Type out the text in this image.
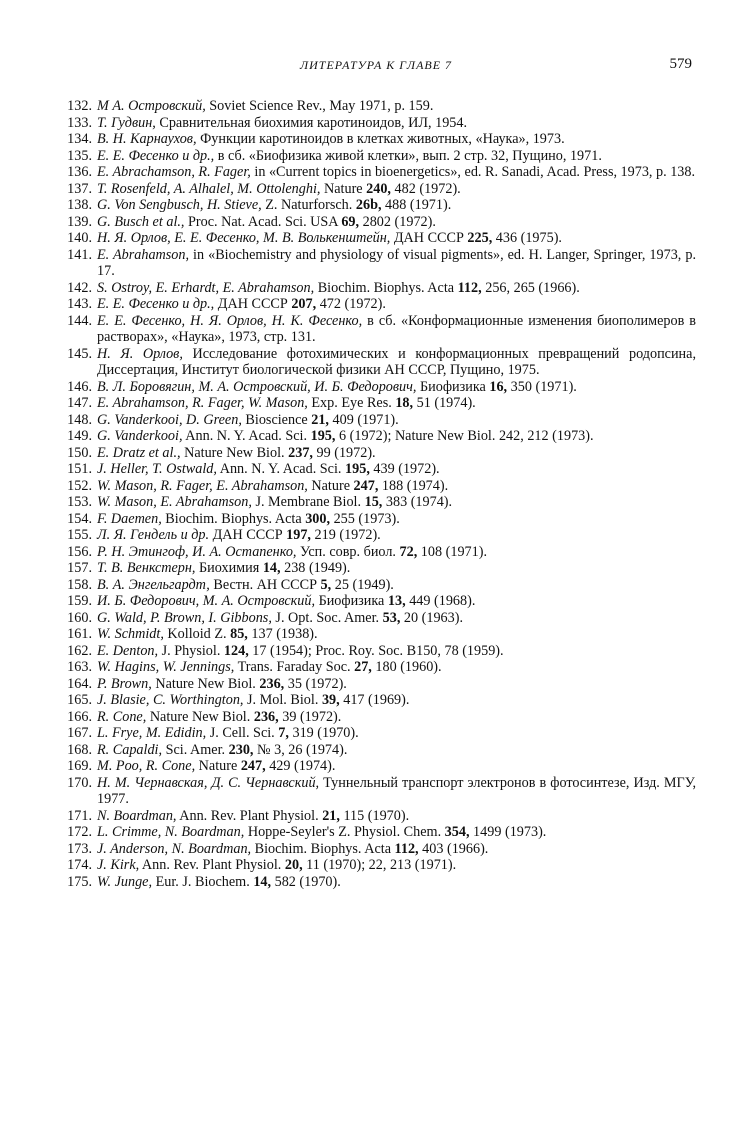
ЛИТЕРАТУРА К ГЛАВЕ 7	579
132. М А. Островский, Soviet Science Rev., May 1971, p. 159.
133. Т. Гудвин, Сравнительная биохимия каротиноидов, ИЛ, 1954.
134. В. Н. Карнаухов, Функции каротиноидов в клетках животных, «Наука», 1973.
135. Е. Е. Фесенко и др., в сб. «Биофизика живой клетки», вып. 2 стр. 32, Пущино, 1971.
136. E. Abrachamson, R. Fager, in «Current topics in bioenergetics», ed. R. Sanadi, Acad. Press, 1973, p. 138.
137. T. Rosenfeld, A. Alhalel, M. Ottolenghi, Nature 240, 482 (1972).
138. G. Von Sengbusch, H. Stieve, Z. Naturforsch. 26b, 488 (1971).
139. G. Busch et al., Proc. Nat. Acad. Sci. USA 69, 2802 (1972).
140. Н. Я. Орлов, Е. Е. Фесенко, М. В. Волькенштейн, ДАН СССР 225, 436 (1975).
141. E. Abrahamson, in «Biochemistry and physiology of visual pigments», ed. H. Langer, Springer, 1973, p. 17.
142. S. Ostroy, E. Erhardt, E. Abrahamson, Biochim. Biophys. Acta 112, 256, 265 (1966).
143. Е. Е. Фесенко и др., ДАН СССР 207, 472 (1972).
144. Е. Е. Фесенко, Н. Я. Орлов, Н. К. Фесенко, в сб. «Конформационные изменения биополимеров в растворах», «Наука», 1973, стр. 131.
145. Н. Я. Орлов, Исследование фотохимических и конформационных превращений родопсина, Диссертация, Институт биологической физики АН СССР, Пущино, 1975.
146. В. Л. Боровягин, М. А. Островский, И. Б. Федорович, Биофизика 16, 350 (1971).
147. E. Abrahamson, R. Fager, W. Mason, Exp. Eye Res. 18, 51 (1974).
148. G. Vanderkooi, D. Green, Bioscience 21, 409 (1971).
149. G. Vanderkooi, Ann. N. Y. Acad. Sci. 195, 6 (1972); Nature New Biol. 242, 212 (1973).
150. E. Dratz et al., Nature New Biol. 237, 99 (1972).
151. J. Heller, T. Ostwald, Ann. N. Y. Acad. Sci. 195, 439 (1972).
152. W. Mason, R. Fager, E. Abrahamson, Nature 247, 188 (1974).
153. W. Mason, E. Abrahamson, J. Membrane Biol. 15, 383 (1974).
154. F. Daemen, Biochim. Biophys. Acta 300, 255 (1973).
155. Л. Я. Гендель и др. ДАН СССР 197, 219 (1972).
156. Р. Н. Этингоф, И. А. Остапенко, Усп. совр. биол. 72, 108 (1971).
157. Т. В. Венкстерн, Биохимия 14, 238 (1949).
158. В. А. Энгельгардт, Вестн. АН СССР 5, 25 (1949).
159. И. Б. Федорович, М. А. Островский, Биофизика 13, 449 (1968).
160. G. Wald, P. Brown, I. Gibbons, J. Opt. Soc. Amer. 53, 20 (1963).
161. W. Schmidt, Kolloid Z. 85, 137 (1938).
162. E. Denton, J. Physiol. 124, 17 (1954); Proc. Roy. Soc. B150, 78 (1959).
163. W. Hagins, W. Jennings, Trans. Faraday Soc. 27, 180 (1960).
164. P. Brown, Nature New Biol. 236, 35 (1972).
165. J. Blasie, C. Worthington, J. Mol. Biol. 39, 417 (1969).
166. R. Cone, Nature New Biol. 236, 39 (1972).
167. L. Frye, M. Edidin, J. Cell. Sci. 7, 319 (1970).
168. R. Capaldi, Sci. Amer. 230, № 3, 26 (1974).
169. M. Poo, R. Cone, Nature 247, 429 (1974).
170. Н. М. Чернавская, Д. С. Чернавский, Туннельный транспорт электронов в фотосинтезе, Изд. МГУ, 1977.
171. N. Boardman, Ann. Rev. Plant Physiol. 21, 115 (1970).
172. L. Crimme, N. Boardman, Hoppe-Seyler's Z. Physiol. Chem. 354, 1499 (1973).
173. J. Anderson, N. Boardman, Biochim. Biophys. Acta 112, 403 (1966).
174. J. Kirk, Ann. Rev. Plant Physiol. 20, 11 (1970); 22, 213 (1971).
175. W. Junge, Eur. J. Biochem. 14, 582 (1970).
